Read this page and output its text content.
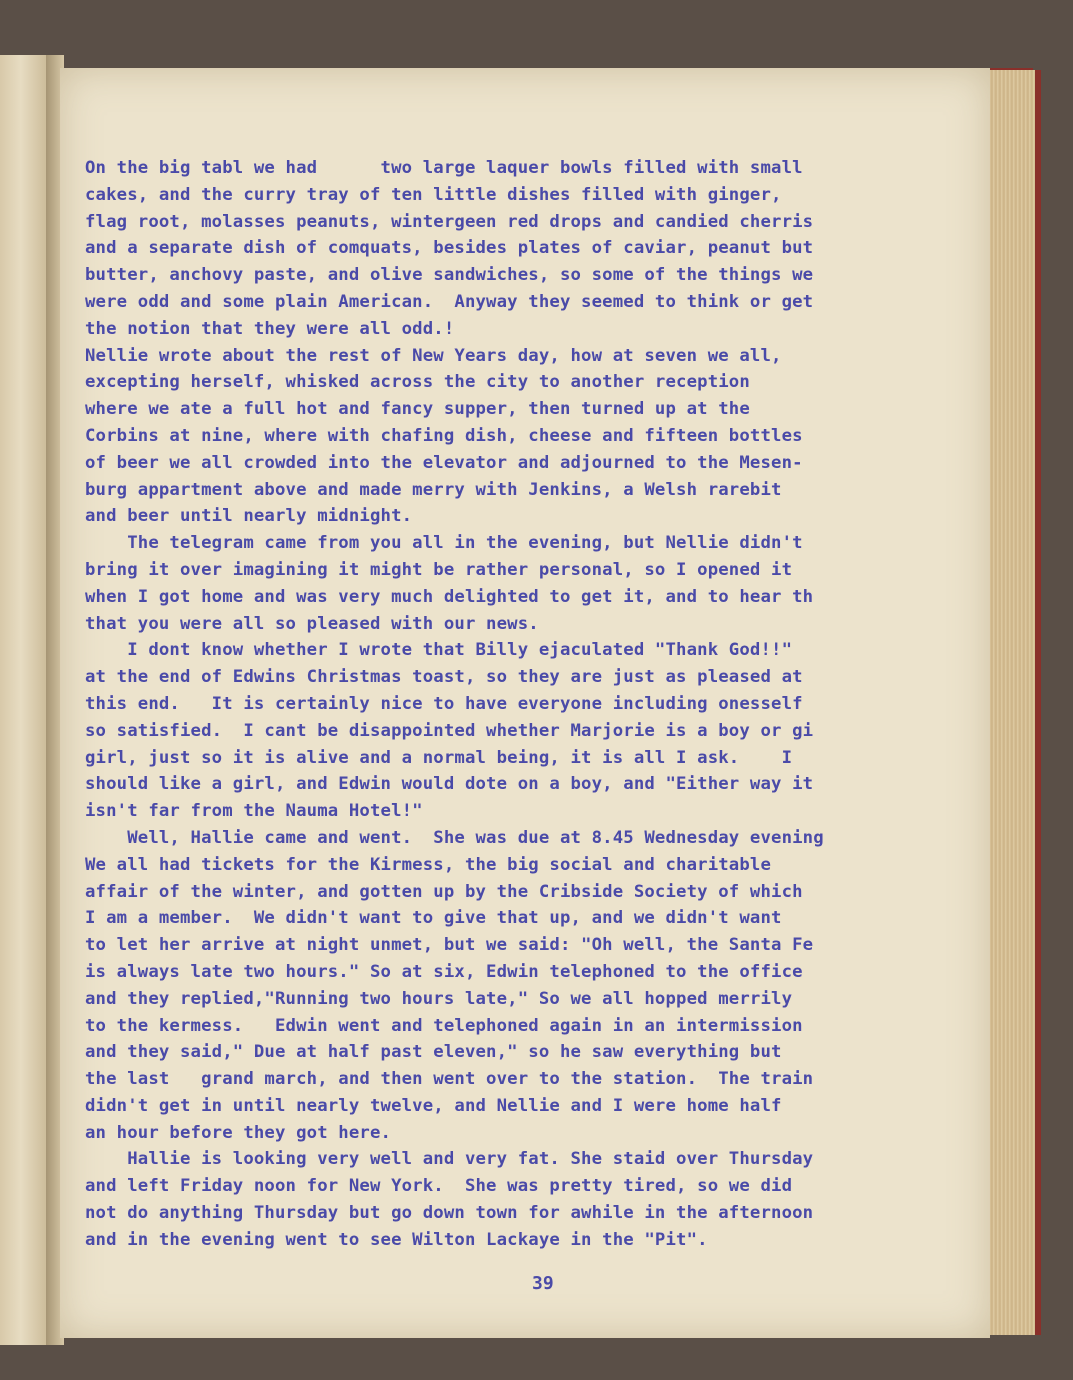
On the big tabl we had      two large laquer bowls filled with small
cakes, and the curry tray of ten little dishes filled with ginger,
flag root, molasses peanuts, wintergeen red drops and candied cherris
and a separate dish of comquats, besides plates of caviar, peanut but
butter, anchovy paste, and olive sandwiches, so some of the things we
were odd and some plain American.  Anyway they seemed to think or get
the notion that they were all odd.!
Nellie wrote about the rest of New Years day, how at seven we all,
excepting herself, whisked across the city to another reception
where we ate a full hot and fancy supper, then turned up at the
Corbins at nine, where with chafing dish, cheese and fifteen bottles
of beer we all crowded into the elevator and adjourned to the Mesen-
burg appartment above and made merry with Jenkins, a Welsh rarebit
and beer until nearly midnight.
The telegram came from you all in the evening, but Nellie didn't
bring it over imagining it might be rather personal, so I opened it
when I got home and was very much delighted to get it, and to hear th
that you were all so pleased with our news.
I dont know whether I wrote that Billy ejaculated "Thank God!!"
at the end of Edwins Christmas toast, so they are just as pleased at
this end.   It is certainly nice to have everyone including onesself
so satisfied.  I cant be disappointed whether Marjorie is a boy or gi
girl, just so it is alive and a normal being, it is all I ask.    I
should like a girl, and Edwin would dote on a boy, and "Either way it
isn't far from the Nauma Hotel!"
Well, Hallie came and went.  She was due at 8.45 Wednesday evening
We all had tickets for the Kirmess, the big social and charitable
affair of the winter, and gotten up by the Cribside Society of which
I am a member.  We didn't want to give that up, and we didn't want
to let her arrive at night unmet, but we said: "Oh well, the Santa Fe
is always late two hours." So at six, Edwin telephoned to the office
and they replied,"Running two hours late," So we all hopped merrily
to the kermess.   Edwin went and telephoned again in an intermission
and they said," Due at half past eleven," so he saw everything but
the last   grand march, and then went over to the station.  The train
didn't get in until nearly twelve, and Nellie and I were home half
an hour before they got here.
Hallie is looking very well and very fat. She staid over Thursday
and left Friday noon for New York.  She was pretty tired, so we did
not do anything Thursday but go down town for awhile in the afternoon
and in the evening went to see Wilton Lackaye in the "Pit".
39
